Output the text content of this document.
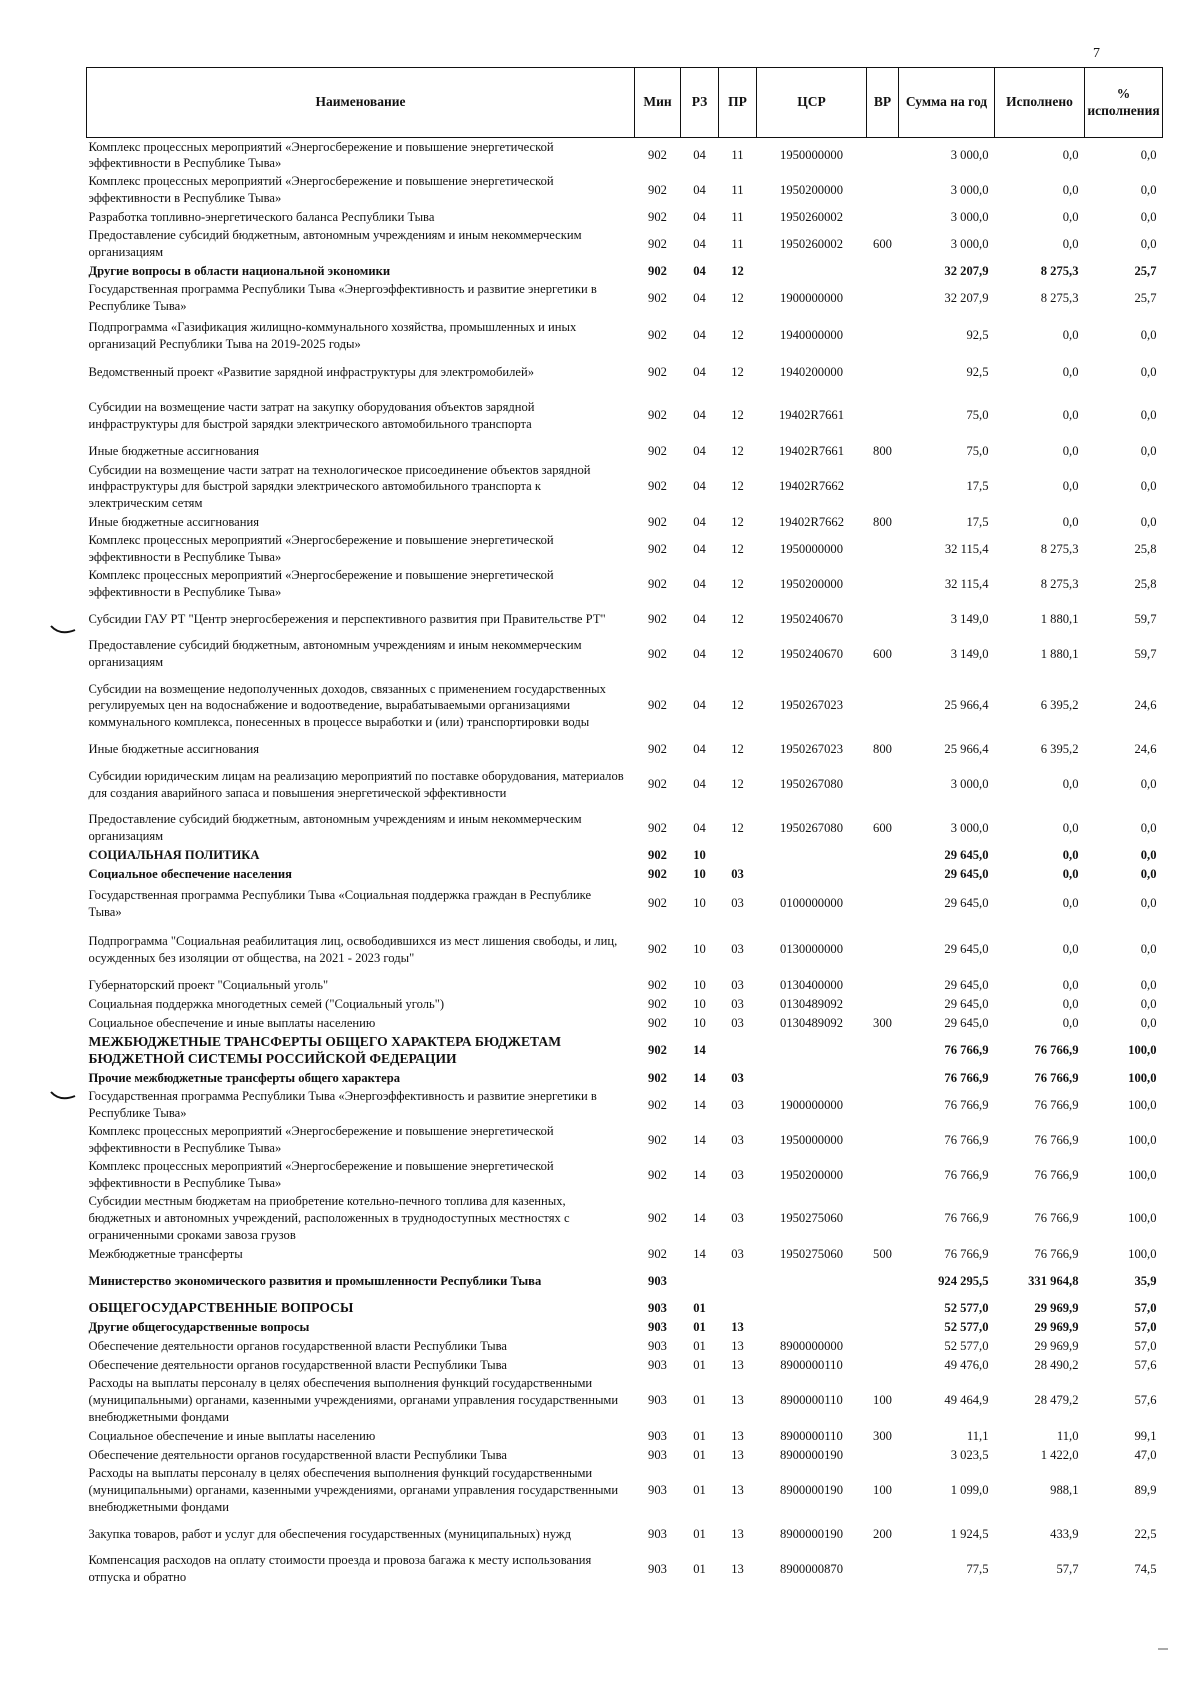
7
Наименование	Мин	РЗ	ПР	ЦСР	ВР	Сумма на год	Исполнено	% исполнения
Комплекс процессных мероприятий «Энергосбережение и повышение энергетической эффективности в Республике Тыва»	902	04	11	1950000000		3 000,0	0,0	0,0
Комплекс процессных мероприятий «Энергосбережение и повышение энергетической эффективности в Республике Тыва»	902	04	11	1950200000		3 000,0	0,0	0,0
Разработка топливно-энергетического баланса Республики Тыва	902	04	11	1950260002		3 000,0	0,0	0,0
Предоставление субсидий бюджетным, автономным учреждениям и иным некоммерческим организациям	902	04	11	1950260002	600	3 000,0	0,0	0,0
Другие вопросы в области национальной экономики	902	04	12			32 207,9	8 275,3	25,7
Государственная программа Республики Тыва «Энергоэффективность и развитие энергетики в Республике Тыва»	902	04	12	1900000000		32 207,9	8 275,3	25,7
Подпрограмма «Газификация жилищно-коммунального хозяйства, промышленных и иных организаций Республики Тыва на 2019-2025 годы»	902	04	12	1940000000		92,5	0,0	0,0
Ведомственный проект «Развитие зарядной инфраструктуры для электромобилей»	902	04	12	1940200000		92,5	0,0	0,0
Субсидии на возмещение части затрат на закупку оборудования объектов зарядной инфраструктуры для быстрой зарядки электрического автомобильного транспорта	902	04	12	19402R7661		75,0	0,0	0,0
Иные бюджетные ассигнования	902	04	12	19402R7661	800	75,0	0,0	0,0
Субсидии на возмещение части затрат на технологическое присоединение объектов зарядной инфраструктуры для быстрой зарядки электрического автомобильного транспорта к электрическим сетям	902	04	12	19402R7662		17,5	0,0	0,0
Иные бюджетные ассигнования	902	04	12	19402R7662	800	17,5	0,0	0,0
Комплекс процессных мероприятий «Энергосбережение и повышение энергетической эффективности в Республике Тыва»	902	04	12	1950000000		32 115,4	8 275,3	25,8
Комплекс процессных мероприятий «Энергосбережение и повышение энергетической эффективности в Республике Тыва»	902	04	12	1950200000		32 115,4	8 275,3	25,8
Субсидии ГАУ РТ "Центр энергосбережения и перспективного развития при Правительстве РТ"	902	04	12	1950240670		3 149,0	1 880,1	59,7
Предоставление субсидий бюджетным, автономным учреждениям и иным некоммерческим организациям	902	04	12	1950240670	600	3 149,0	1 880,1	59,7
Субсидии на возмещение недополученных доходов, связанных с применением государственных регулируемых цен на водоснабжение и водоотведение, вырабатываемыми организациями коммунального комплекса, понесенных в процессе выработки и (или) транспортировки воды	902	04	12	1950267023		25 966,4	6 395,2	24,6
Иные бюджетные ассигнования	902	04	12	1950267023	800	25 966,4	6 395,2	24,6
Субсидии юридическим лицам на реализацию мероприятий по поставке оборудования, материалов для создания аварийного запаса и повышения энергетической эффективности	902	04	12	1950267080		3 000,0	0,0	0,0
Предоставление субсидий бюджетным, автономным учреждениям и иным некоммерческим организациям	902	04	12	1950267080	600	3 000,0	0,0	0,0
СОЦИАЛЬНАЯ ПОЛИТИКА	902	10				29 645,0	0,0	0,0
Социальное обеспечение населения	902	10	03			29 645,0	0,0	0,0
Государственная программа Республики Тыва «Социальная поддержка граждан в Республике Тыва»	902	10	03	0100000000		29 645,0	0,0	0,0
Подпрограмма "Социальная реабилитация лиц, освободившихся из мест лишения свободы, и лиц, осужденных без изоляции от общества, на 2021 - 2023 годы"	902	10	03	0130000000		29 645,0	0,0	0,0
Губернаторский проект "Социальный уголь"	902	10	03	0130400000		29 645,0	0,0	0,0
Социальная поддержка многодетных семей ("Социальный уголь")	902	10	03	0130489092		29 645,0	0,0	0,0
Социальное обеспечение и иные выплаты населению	902	10	03	0130489092	300	29 645,0	0,0	0,0
МЕЖБЮДЖЕТНЫЕ ТРАНСФЕРТЫ ОБЩЕГО ХАРАКТЕРА БЮДЖЕТАМ БЮДЖЕТНОЙ СИСТЕМЫ РОССИЙСКОЙ ФЕДЕРАЦИИ	902	14				76 766,9	76 766,9	100,0
Прочие межбюджетные трансферты общего характера	902	14	03			76 766,9	76 766,9	100,0
Государственная программа Республики Тыва «Энергоэффективность и развитие энергетики в Республике Тыва»	902	14	03	1900000000		76 766,9	76 766,9	100,0
Комплекс процессных мероприятий «Энергосбережение и повышение энергетической эффективности в Республике Тыва»	902	14	03	1950000000		76 766,9	76 766,9	100,0
Комплекс процессных мероприятий «Энергосбережение и повышение энергетической эффективности в Республике Тыва»	902	14	03	1950200000		76 766,9	76 766,9	100,0
Субсидии местным бюджетам на приобретение котельно-печного топлива для казенных, бюджетных и автономных учреждений, расположенных в труднодоступных местностях с ограниченными сроками завоза грузов	902	14	03	1950275060		76 766,9	76 766,9	100,0
Межбюджетные трансферты	902	14	03	1950275060	500	76 766,9	76 766,9	100,0
Министерство экономического развития и промышленности Республики Тыва	903					924 295,5	331 964,8	35,9
ОБЩЕГОСУДАРСТВЕННЫЕ ВОПРОСЫ	903	01				52 577,0	29 969,9	57,0
Другие общегосударственные вопросы	903	01	13			52 577,0	29 969,9	57,0
Обеспечение деятельности органов государственной власти Республики Тыва	903	01	13	8900000000		52 577,0	29 969,9	57,0
Обеспечение деятельности органов государственной власти Республики Тыва	903	01	13	8900000110		49 476,0	28 490,2	57,6
Расходы на выплаты персоналу в целях обеспечения выполнения функций государственными (муниципальными) органами, казенными учреждениями, органами управления государственными внебюджетными фондами	903	01	13	8900000110	100	49 464,9	28 479,2	57,6
Социальное обеспечение и иные выплаты населению	903	01	13	8900000110	300	11,1	11,0	99,1
Обеспечение деятельности органов государственной власти Республики Тыва	903	01	13	8900000190		3 023,5	1 422,0	47,0
Расходы на выплаты персоналу в целях обеспечения выполнения функций государственными (муниципальными) органами, казенными учреждениями, органами управления государственными внебюджетными фондами	903	01	13	8900000190	100	1 099,0	988,1	89,9
Закупка товаров, работ и услуг для обеспечения государственных (муниципальных) нужд	903	01	13	8900000190	200	1 924,5	433,9	22,5
Компенсация расходов на оплату стоимости проезда и провоза багажа к месту использования отпуска и обратно	903	01	13	8900000870		77,5	57,7	74,5
